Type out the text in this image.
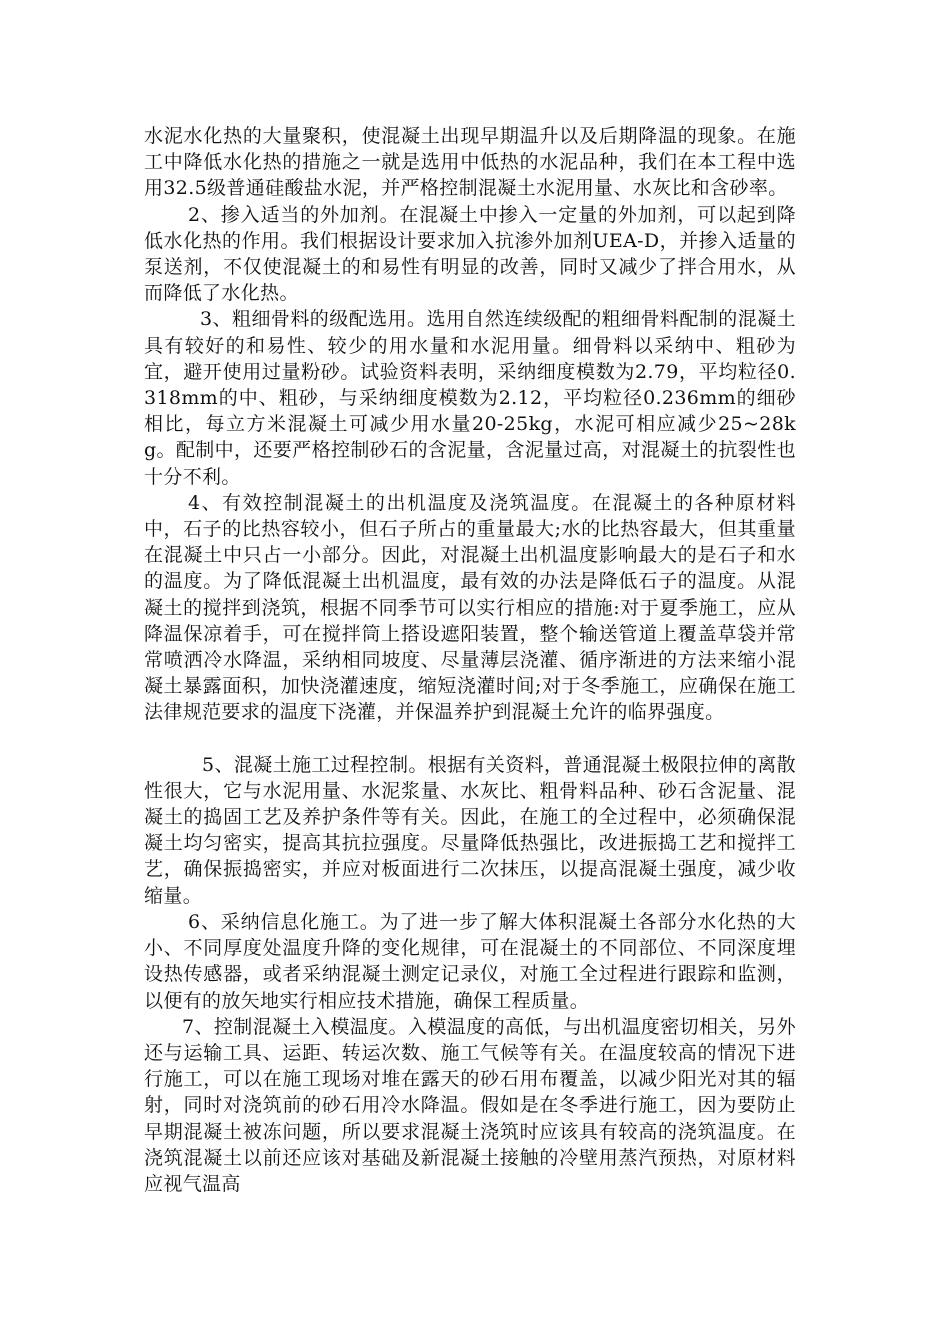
水泥水化热的大量聚积，使混凝土出现早期温升以及后期降温的现象。在施工中降低水化热的措施之一就是选用中低热的水泥品种，我们在本工程中选用32.5级普通硅酸盐水泥，并严格控制混凝土水泥用量、水灰比和含砂率。

2、掺入适当的外加剂。在混凝土中掺入一定量的外加剂，可以起到降低水化热的作用。我们根据设计要求加入抗渗外加剂UEA-D，并掺入适量的泵送剂，不仅使混凝土的和易性有明显的改善，同时又减少了拌合用水，从而降低了水化热。

3、粗细骨料的级配选用。选用自然连续级配的粗细骨料配制的混凝土具有较好的和易性、较少的用水量和水泥用量。细骨料以采纳中、粗砂为宜，避开使用过量粉砂。试验资料表明，采纳细度模数为2.79，平均粒径0.318mm的中、粗砂，与采纳细度模数为2.12，平均粒径0.236mm的细砂相比，每立方米混凝土可减少用水量20-25kg，水泥可相应减少25~28kg。配制中，还要严格控制砂石的含泥量，含泥量过高，对混凝土的抗裂性也十分不利。

4、有效控制混凝土的出机温度及浇筑温度。在混凝土的各种原材料中，石子的比热容较小，但石子所占的重量最大;水的比热容最大，但其重量在混凝土中只占一小部分。因此，对混凝土出机温度影响最大的是石子和水的温度。为了降低混凝土出机温度，最有效的办法是降低石子的温度。从混凝土的搅拌到浇筑，根据不同季节可以实行相应的措施:对于夏季施工，应从降温保凉着手，可在搅拌筒上搭设遮阳装置，整个输送管道上覆盖草袋并常常喷洒冷水降温，采纳相同坡度、尽量薄层浇灌、循序渐进的方法来缩小混凝土暴露面积，加快浇灌速度，缩短浇灌时间;对于冬季施工，应确保在施工法律规范要求的温度下浇灌，并保温养护到混凝土允许的临界强度。

5、混凝土施工过程控制。根据有关资料，普通混凝土极限拉伸的离散性很大，它与水泥用量、水泥浆量、水灰比、粗骨料品种、砂石含泥量、混凝土的捣固工艺及养护条件等有关。因此，在施工的全过程中，必须确保混凝土均匀密实，提高其抗拉强度。尽量降低热强比，改进振捣工艺和搅拌工艺，确保振捣密实，并应对板面进行二次抹压，以提高混凝土强度，减少收缩量。

6、采纳信息化施工。为了进一步了解大体积混凝土各部分水化热的大小、不同厚度处温度升降的变化规律，可在混凝土的不同部位、不同深度埋设热传感器，或者采纳混凝土测定记录仪，对施工全过程进行跟踪和监测，以便有的放矢地实行相应技术措施，确保工程质量。

7、控制混凝土入模温度。入模温度的高低，与出机温度密切相关，另外还与运输工具、运距、转运次数、施工气候等有关。在温度较高的情况下进行施工，可以在施工现场对堆在露天的砂石用布覆盖，以减少阳光对其的辐射，同时对浇筑前的砂石用冷水降温。假如是在冬季进行施工，因为要防止早期混凝土被冻问题，所以要求混凝土浇筑时应该具有较高的浇筑温度。在浇筑混凝土以前还应该对基础及新混凝土接触的冷壁用蒸汽预热，对原材料应视气温高
